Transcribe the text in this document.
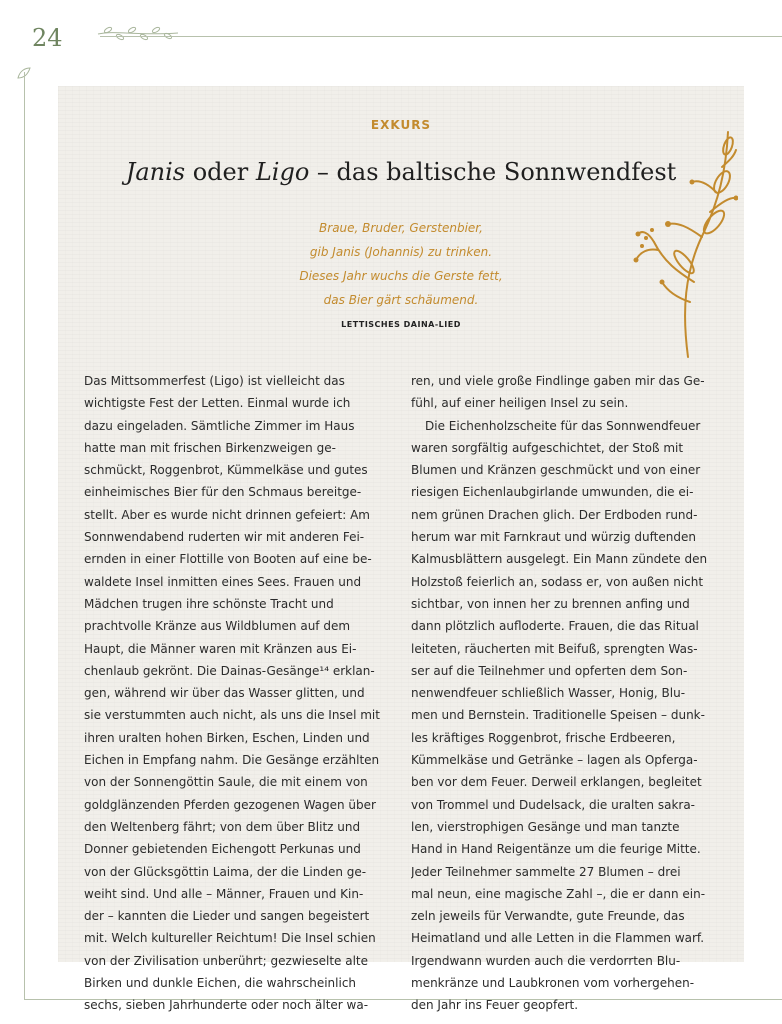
24
EXKURS
Janis oder Ligo – das baltische Sonnwendfest
Braue, Bruder, Gerstenbier,
gib Janis (Johannis) zu trinken.
Dieses Jahr wuchs die Gerste fett,
das Bier gärt schäumend.
LETTISCHES DAINA-LIED
Das Mittsommerfest (Ligo) ist vielleicht das
wichtigste Fest der Letten. Einmal wurde ich
dazu eingeladen. Sämtliche Zimmer im Haus
hatte man mit frischen Birkenzweigen ge-
schmückt, Roggenbrot, Kümmelkäse und gutes
einheimisches Bier für den Schmaus bereitge-
stellt. Aber es wurde nicht drinnen gefeiert: Am
Sonnwendabend ruderten wir mit anderen Fei-
ernden in einer Flottille von Booten auf eine be-
waldete Insel inmitten eines Sees. Frauen und
Mädchen trugen ihre schönste Tracht und
prachtvolle Kränze aus Wildblumen auf dem
Haupt, die Männer waren mit Kränzen aus Ei-
chenlaub gekrönt. Die Dainas-Gesänge¹⁴ erklan-
gen, während wir über das Wasser glitten, und
sie verstummten auch nicht, als uns die Insel mit
ihren uralten hohen Birken, Eschen, Linden und
Eichen in Empfang nahm. Die Gesänge erzählten
von der Sonnengöttin Saule, die mit einem von
goldglänzenden Pferden gezogenen Wagen über
den Weltenberg fährt; von dem über Blitz und
Donner gebietenden Eichengott Perkunas und
von der Glücksgöttin Laima, der die Linden ge-
weiht sind. Und alle – Männer, Frauen und Kin-
der – kannten die Lieder und sangen begeistert
mit. Welch kultureller Reichtum! Die Insel schien
von der Zivilisation unberührt; gezwieselte alte
Birken und dunkle Eichen, die wahrscheinlich
sechs, sieben Jahrhunderte oder noch älter wa-
ren, und viele große Findlinge gaben mir das Ge-
fühl, auf einer heiligen Insel zu sein.
Die Eichenholzscheite für das Sonnwendfeuer
waren sorgfältig aufgeschichtet, der Stoß mit
Blumen und Kränzen geschmückt und von einer
riesigen Eichenlaubgirlande umwunden, die ei-
nem grünen Drachen glich. Der Erdboden rund-
herum war mit Farnkraut und würzig duftenden
Kalmusblättern ausgelegt. Ein Mann zündete den
Holzstoß feierlich an, sodass er, von außen nicht
sichtbar, von innen her zu brennen anfing und
dann plötzlich aufloderte. Frauen, die das Ritual
leiteten, räucherten mit Beifuß, sprengten Was-
ser auf die Teilnehmer und opferten dem Son-
nenwendfeuer schließlich Wasser, Honig, Blu-
men und Bernstein. Traditionelle Speisen – dunk-
les kräftiges Roggenbrot, frische Erdbeeren,
Kümmelkäse und Getränke – lagen als Opferga-
ben vor dem Feuer. Derweil erklangen, begleitet
von Trommel und Dudelsack, die uralten sakra-
len, vierstrophigen Gesänge und man tanzte
Hand in Hand Reigentänze um die feurige Mitte.
Jeder Teilnehmer sammelte 27 Blumen – drei
mal neun, eine magische Zahl –, die er dann ein-
zeln jeweils für Verwandte, gute Freunde, das
Heimatland und alle Letten in die Flammen warf.
Irgendwann wurden auch die verdorrten Blu-
menkränze und Laubkronen vom vorhergehen-
den Jahr ins Feuer geopfert.
